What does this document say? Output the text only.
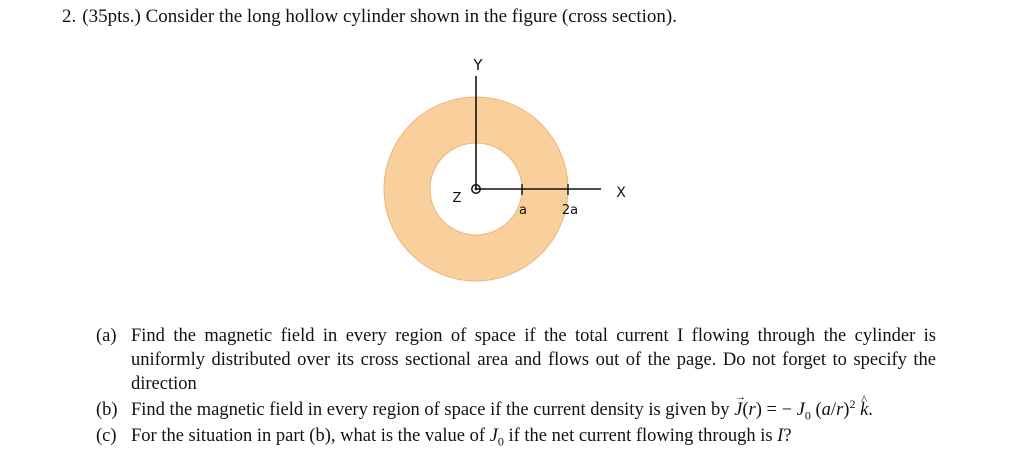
2. (35pts.) Consider the long hollow cylinder shown in the figure (cross section).
Y
X
Z
a	2a
(a) Find the magnetic field in every region of space if the total current I flowing through the cylinder is uniformly distributed over its cross sectional area and flows out of the page. Do not forget to specify the direction
(b) Find the magnetic field in every region of space if the current density is given by → J(r) = − $J_0$ $(a/r)^2$ ^ k.
(c) For the situation in part (b), what is the value of $J_0$ if the net current flowing through is I?
